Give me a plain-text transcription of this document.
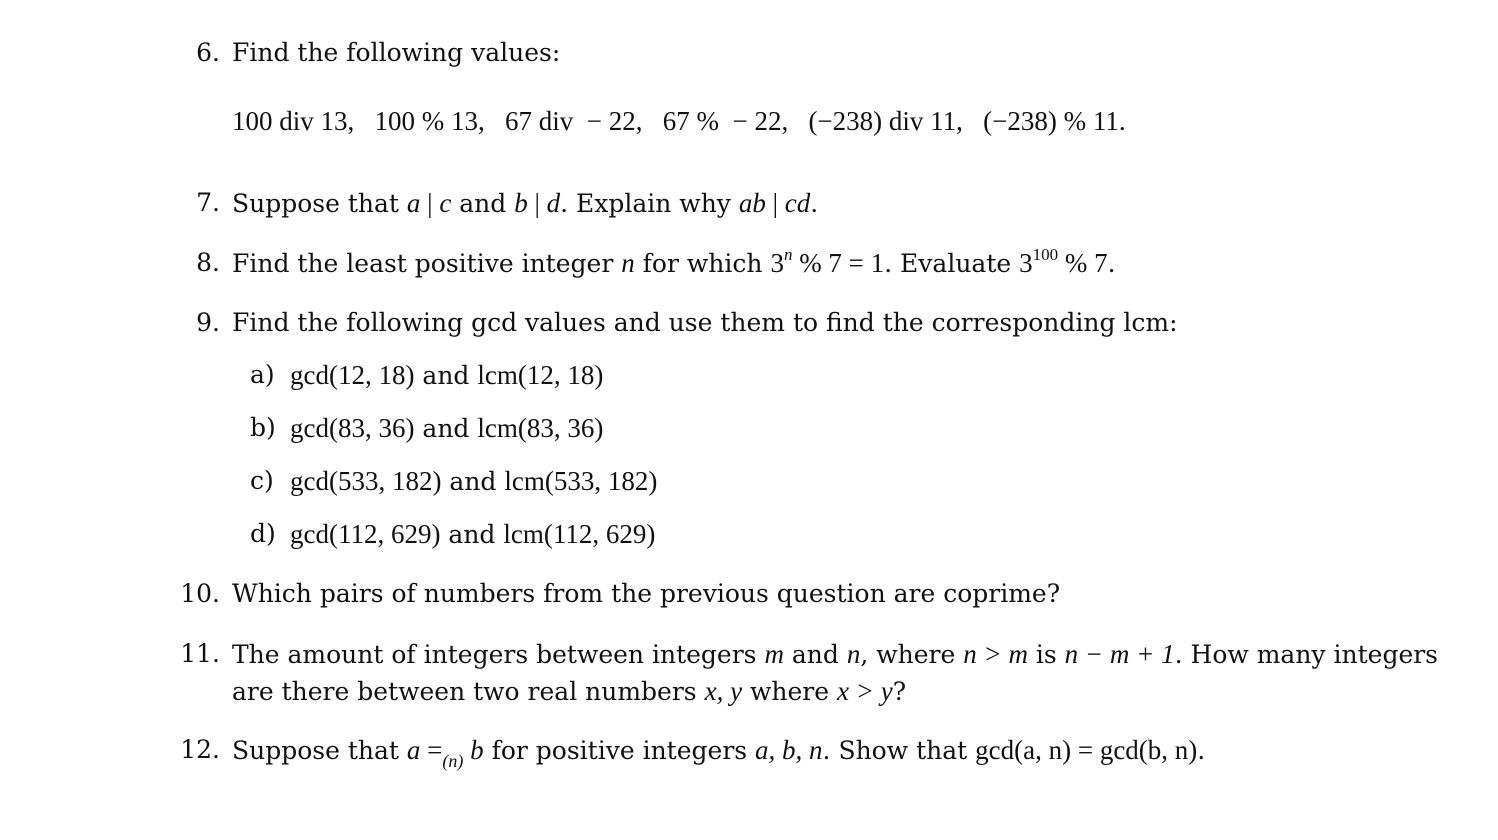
6. Find the following values:
100 div 13,   100 % 13,   67 div  − 22,   67 %  − 22,   (−238) div 11,   (−238) % 11.
7. Suppose that a | c and b | d. Explain why ab | cd.
8. Find the least positive integer n for which 3$^n$ % 7 = 1. Evaluate $3^{100}$ % 7.
9. Find the following gcd values and use them to find the corresponding lcm:
a) gcd(12, 18) and lcm(12, 18)
b) gcd(83, 36) and lcm(83, 36)
c) gcd(533, 182) and lcm(533, 182)
d) gcd(112, 629) and lcm(112, 629)
10. Which pairs of numbers from the previous question are coprime?
11. The amount of integers between integers m and n, where n > m is n − m + 1. How many integers
are there between two real numbers x, y where x > y?
12. Suppose that $a =_{(n)}$ b for positive integers a, b, n. Show that gcd(a, n) = gcd(b, n).
